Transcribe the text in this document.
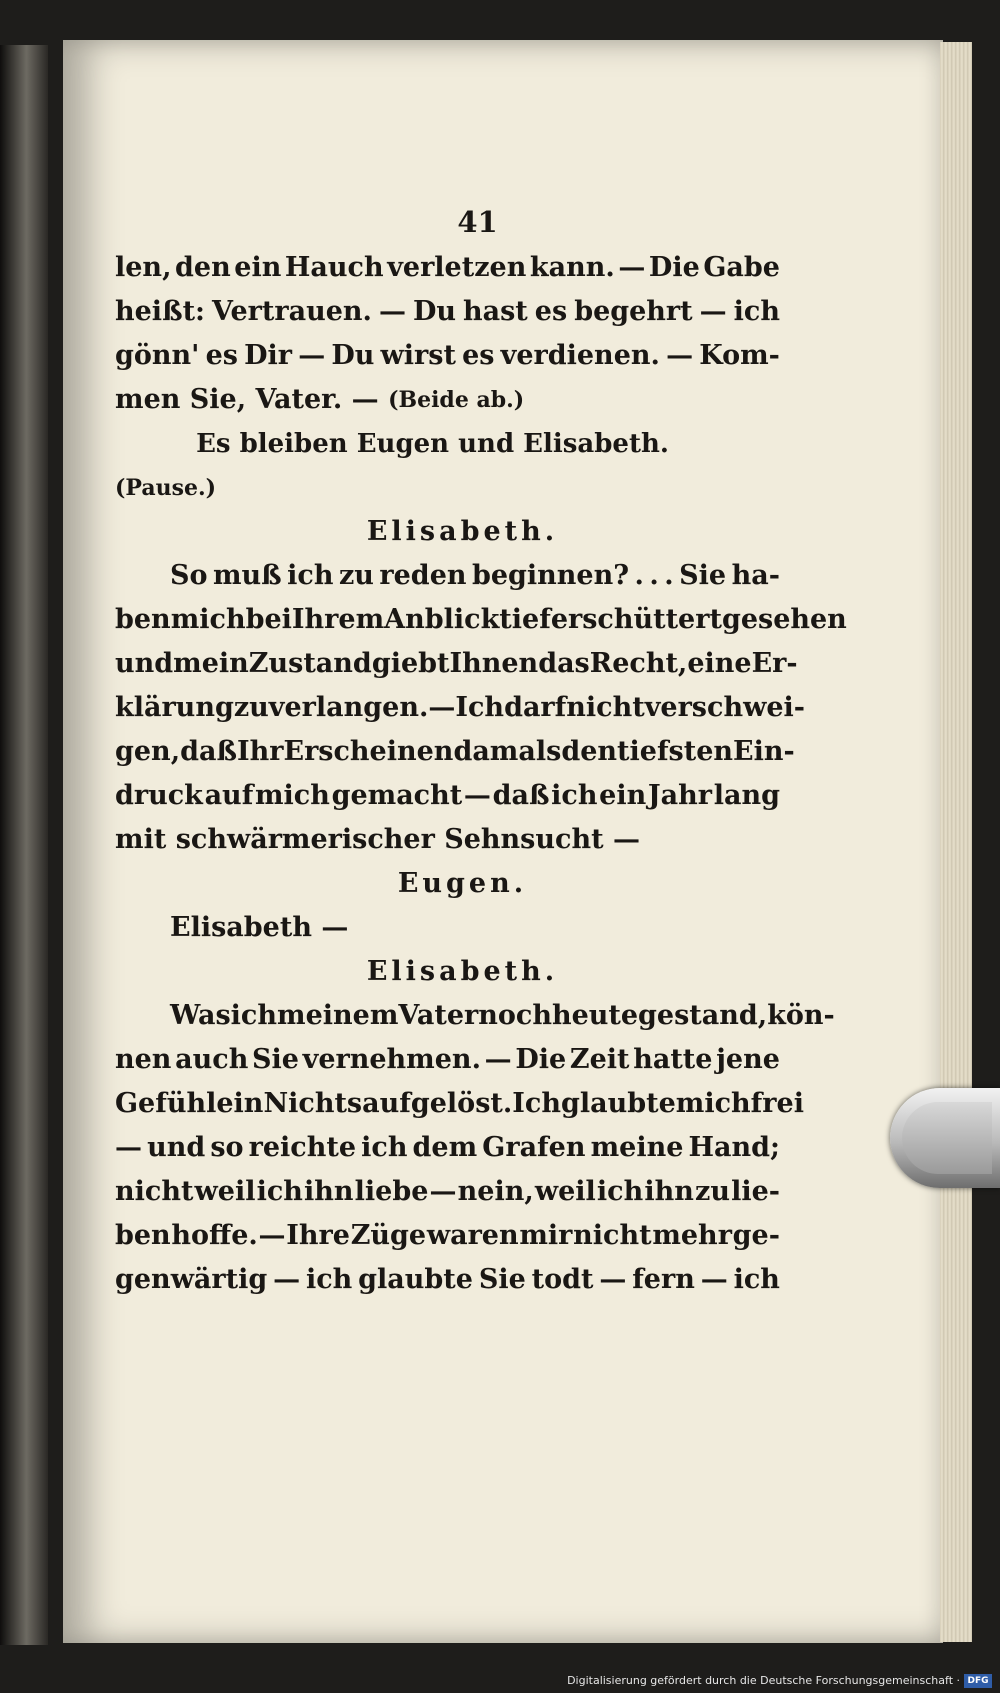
41
len, den ein Hauch verletzen kann. — Die Gabe
heißt: Vertrauen. — Du hast es begehrt — ich
gönn' es Dir — Du wirst es verdienen. — Kom-
men Sie, Vater. —
(Beide ab.)
Es bleiben Eugen und Elisabeth.
(Pause.)
Elisabeth.
So muß ich zu reden beginnen? . . . Sie ha-
ben mich bei Ihrem Anblick tief erschüttert gesehen
und mein Zustand giebt Ihnen das Recht, eine Er-
klärung zu verlangen. — Ich darf nicht verschwei-
gen, daß Ihr Erscheinen damals den tiefsten Ein-
druck auf mich gemacht — daß ich ein Jahr lang
mit schwärmerischer Sehnsucht —
Eugen.
Elisabeth —
Elisabeth.
Was ich meinem Vater noch heute gestand, kön-
nen auch Sie vernehmen. — Die Zeit hatte jene
Gefühle in Nichts aufgelöst. Ich glaubte mich frei
— und so reichte ich dem Grafen meine Hand;
nicht weil ich ihn liebe — nein, weil ich ihn zu lie-
ben hoffe. — Ihre Züge waren mir nicht mehr ge-
genwärtig — ich glaubte Sie todt — fern — ich
Digitalisierung gefördert durch die Deutsche Forschungsgemeinschaft · DFG
